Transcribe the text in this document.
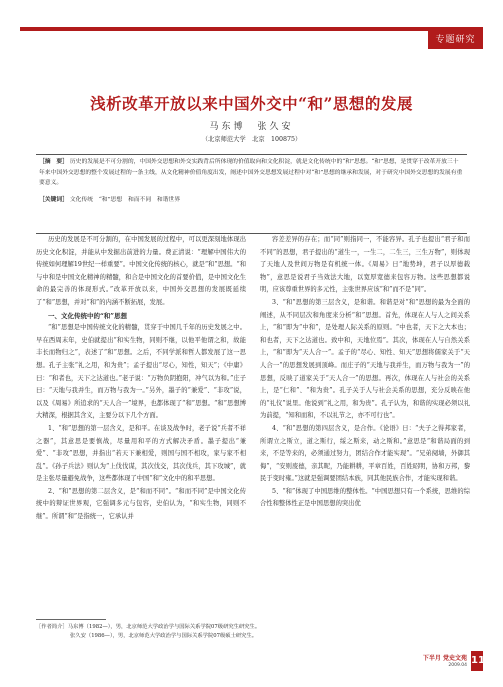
专题研究
浅析改革开放以来中国外交中“和”思想的发展
马东博　张久安
（北京师范大学　北京　100875）

［摘　要］ 历史的发展是不可分割的，中国外交思想和外交实践背后所体现的价值取向和文化积淀，就是文化传统中的“和”思想。“和”思想，是贯穿于改革开放三十年来中国外交思想的整个发展过程的一条主线，从文化精神价值角度出发，阐述中国外交思想发展过程中对“和”思想的继承和发展，对于研究中国外交思想的发展有重要意义。

［关键词］ 文化传统　“和”思想　和而不同　和谐世界

历史的发展是不可分割的，在中国发展的过程中，可以更深刻地体现出历史文化积淀，并能从中发掘出前进的力量。费正清说：“理解中国伟大的传统如何理解19世纪一样重要”。中国文化传统的核心，就是“和”思想。“和与中和是中国文化精神的精髓，和合是中国文化的首要价值，是中国文化生命的最完善的体现形式。”改革开放以来，中国外交思想的发展既延续了“和”思想，并对“和”的内涵不断拓展，发展。

一、文化传统中的“和”思想

“和”思想是中国传统文化的精髓，贯穿于中国几千年的历史发展之中。早在西周末年，史伯就提出“和实生物，同则不继，以他平他谓之和，故能丰长而物归之”，表述了“和”思想。之后，不同学派和哲人都发展了这一思想。孔子主张“礼之用，和为贵”；孟子提出“尽心，知性，知天”；《中庸》曰：“和者也，天下之达道也。”老子说：“万物负阴抱阳，冲气以为和。”庄子曰：“天地与我并生，而万物与我为一。”另外，墨子的“兼爱”、“非攻”说，以及《周易》所追求的“天人合一”境界，也都体现了“和”思想。“和”思想博大精深，根据其含义，主要分以下几个方面。

1、“和”思想的第一层含义，是和平。在谈及战争时，老子说“兵者不祥之器”，其意思是要慎战，尽量用和平的方式解决矛盾。墨子提出“兼爱”、“非攻”思想，并指出“若天下兼相爱，则国与国不相攻，家与家不相乱”。《孙子兵法》则认为“上伐伐谋，其次伐交，其次伐兵，其下攻城”，就是主张尽量避免战争，这些都体现了中国“和”文化中的和平思想。

2、“和”思想的第二层含义，是“和而不同”。“和而不同”是中国文化传统中的辩证世界观，它强调多元与包容，史伯认为，“和实生物，同则不继”。所谓“和”是指统一，它承认并

容差差异的存在；而“同”则指同一，不能容异。孔子也提出“君子和而不同”的思想，君子提出的“道生一，一生二，二生三，三生万物”，则体现了天地人及世间万物是有机统一体。《周易》日“地势坤，君子以厚德载物”，意思是说君子当效法大地，以宽厚宽德来包容万物。这些思想都说明，应该尊重世界的多元性，主张世界应该“和”而不是“同”。

3、“和”思想的第三层含义，是和谐。和谐是对“和”思想的最为全面的阐述，从不同层次和角度来分析“和”思想。首先，体现在人与人之间关系上，“和”即为“中和”，是处理人际关系的原则。“中也者，天下之大本也；和也者，天下之达道也。致中和，天地位焉”。其次，体现在人与自然关系上，“和”即为“天人合一”。孟子的“尽心、知性、知天”思想将儒家关于“天人合一”的思想发展到顶峰。而庄子的“天地与我并生，而万物与我为一”的思想，反映了道家关于“天人合一”的思想。再次，体现在人与社会的关系上，是“仁和”、“和为贵”。孔子关于人与社会关系的思想，充分反映在他的“礼仪”说里。他说到“礼之用，和为贵”。孔子认为，和谐的实现必须以礼为前提，“知和而和，不以礼节之，亦不可行也”。

4、“和”思想的第四层含义，是合作。《论语》日：“夫子之得邦家者，所谓立之斯立，道之斯行，绥之斯来，动之斯和。”意思是“和谐局面的到来，不是等来的，必须通过努力，团结合作才能实现”。“兄弟阋墙，外御其侮”，“安则废德，亲其昵，乃能耕耕，平章百姓，百姓昭明，协和万邦，黎民于变时雍。”这就是强调要团结本族，同其他民族合作，才能实现和谐。

5、“和”体现了中国思维的整体性。“中国思想只有一个系统，思维的综合性和整体性正是中国思想的突出优

［作者简介］马东博（1982—），男，北京师范大学政治学与国际关系学院07级研究生研究生。
张久安（1986—），男，北京师范大学政治学与国际关系学院07级硕士研究生。
下半月 党史文苑
2009.04 11
